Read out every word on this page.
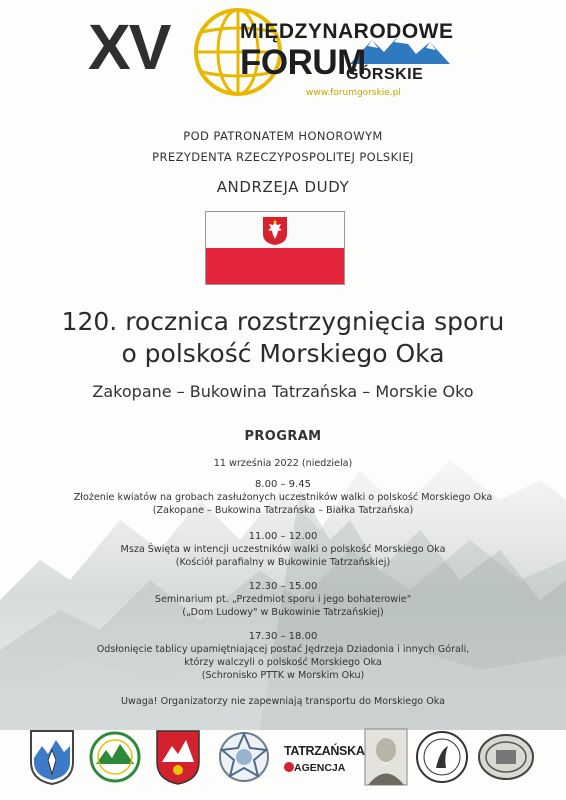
XV	MIĘDZYNARODOWE
FORUM
GÓRSKIE
www.forumgorskie.pl
POD PATRONATEM HONOROWYM
PREZYDENTA RZECZYPOSPOLITEJ POLSKIEJ
ANDRZEJA DUDY
120. rocznica rozstrzygnięcia sporu
o polskość Morskiego Oka
Zakopane – Bukowina Tatrzańska – Morskie Oko
PROGRAM
11 września 2022 (niedziela)
8.00 – 9.45
Złożenie kwiatów na grobach zasłużonych uczestników walki o polskość Morskiego Oka
(Zakopane – Bukowina Tatrzańska – Białka Tatrzańska)
11.00 – 12.00
Msza Święta w intencji uczestników walki o polskość Morskiego Oka
(Kościół parafialny w Bukowinie Tatrzańskiej)
12.30 – 15.00
Seminarium pt. „Przedmiot sporu i jego bohaterowie"
(„Dom Ludowy" w Bukowinie Tatrzańskiej)
17.30 – 18.00
Odsłonięcie tablicy upamiętniającej postać Jędrzeja Dziadonia i innych Górali,
którzy walczyli o polskość Morskiego Oka
(Schronisko PTTK w Morskim Oku)
Uwaga! Organizatorzy nie zapewniają transportu do Morskiego Oka
TATRZAŃSKA
AGENCJA
